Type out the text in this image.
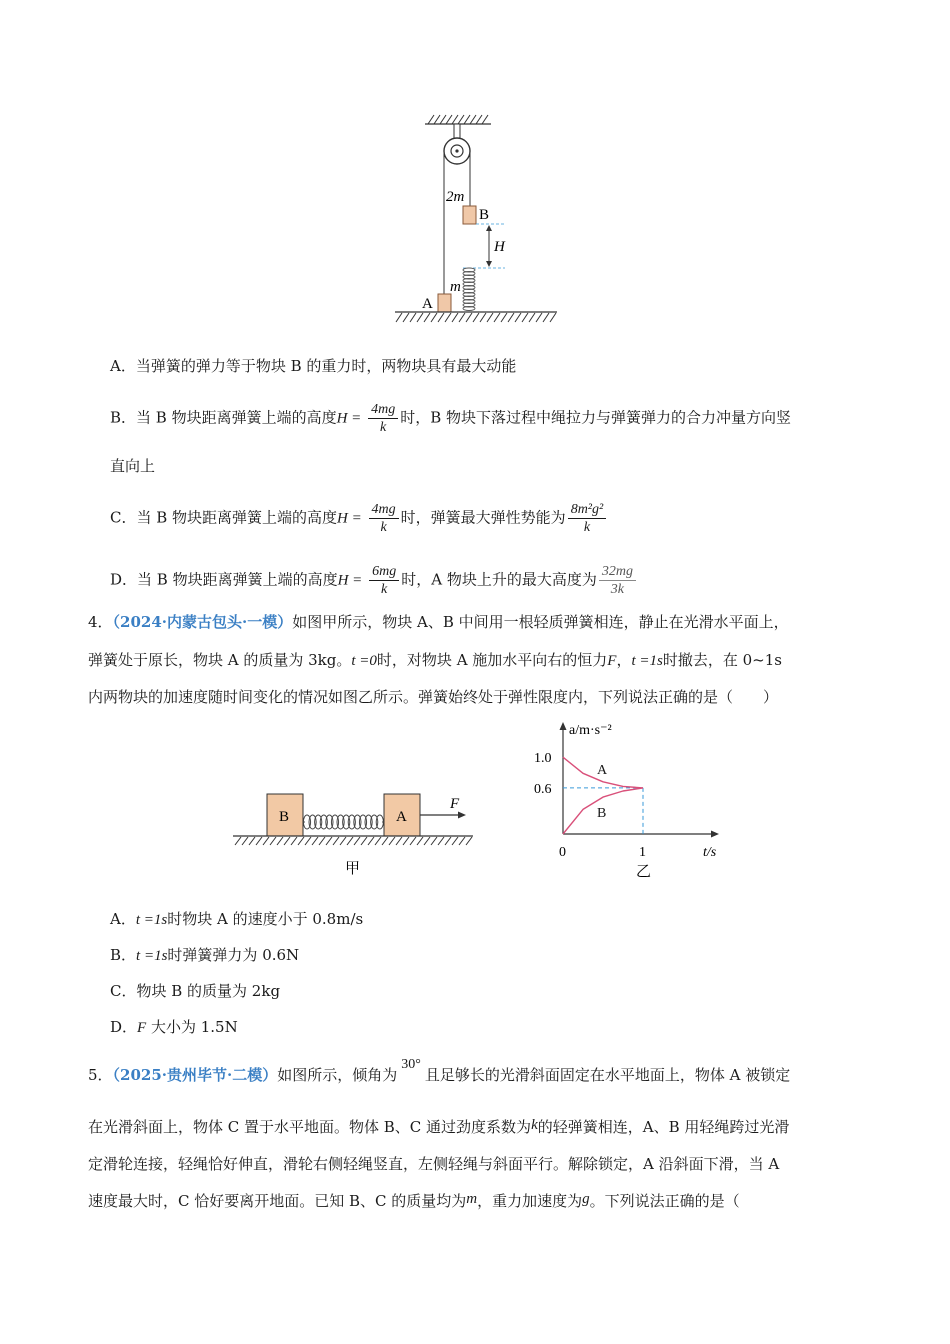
2m
B
H
m
A
A．当弹簧的弹力等于物块 B 的重力时，两物块具有最大动能
B．当 B 物块距离弹簧上端的高度$H = \frac{4mg}{k}$ 时，B 物块下落过程中绳拉力与弹簧弹力的合力冲量方向竖
直向上
C．当 B 物块距离弹簧上端的高度$H = \frac{4mg}{k}$ 时，弹簧最大弹性势能为 $\frac{\text{8m²g²}}{k}$
D．当 B 物块距离弹簧上端的高度$H = \frac{6mg}{k}$ 时，A 物块上升的最大高度为 $\frac{32mg}{3k}$
4．（2024·内蒙古包头·一模）如图甲所示，物块 A、B 中间用一根轻质弹簧相连，静止在光滑水平面上，
弹簧处于原长，物块 A 的质量为 3kg。t =0时，对物块 A 施加水平向右的恒力F，t =1s时撤去，在 0~1s
内两物块的加速度随时间变化的情况如图乙所示。弹簧始终处于弹性限度内，下列说法正确的是（　　）
B	A
F
甲
A
B
a/m·s⁻²
0.6
1.0
0	1	t/s
乙
A．t =1s时物块 A 的速度小于 0.8m/s
B．t =1s时弹簧弹力为 0.6N
C．物块 B 的质量为 2kg
D．F 大小为 1.5N
5．（2025·贵州毕节·二模）如图所示，倾角为30°且足够长的光滑斜面固定在水平地面上，物体 A 被锁定
在光滑斜面上，物体 C 置于水平地面。物体 B、C 通过劲度系数为k的轻弹簧相连，A、B 用轻绳跨过光滑
定滑轮连接，轻绳恰好伸直，滑轮右侧轻绳竖直，左侧轻绳与斜面平行。解除锁定，A 沿斜面下滑，当 A
速度最大时，C 恰好要离开地面。已知 B、C 的质量均为m，重力加速度为g。下列说法正确的是（
